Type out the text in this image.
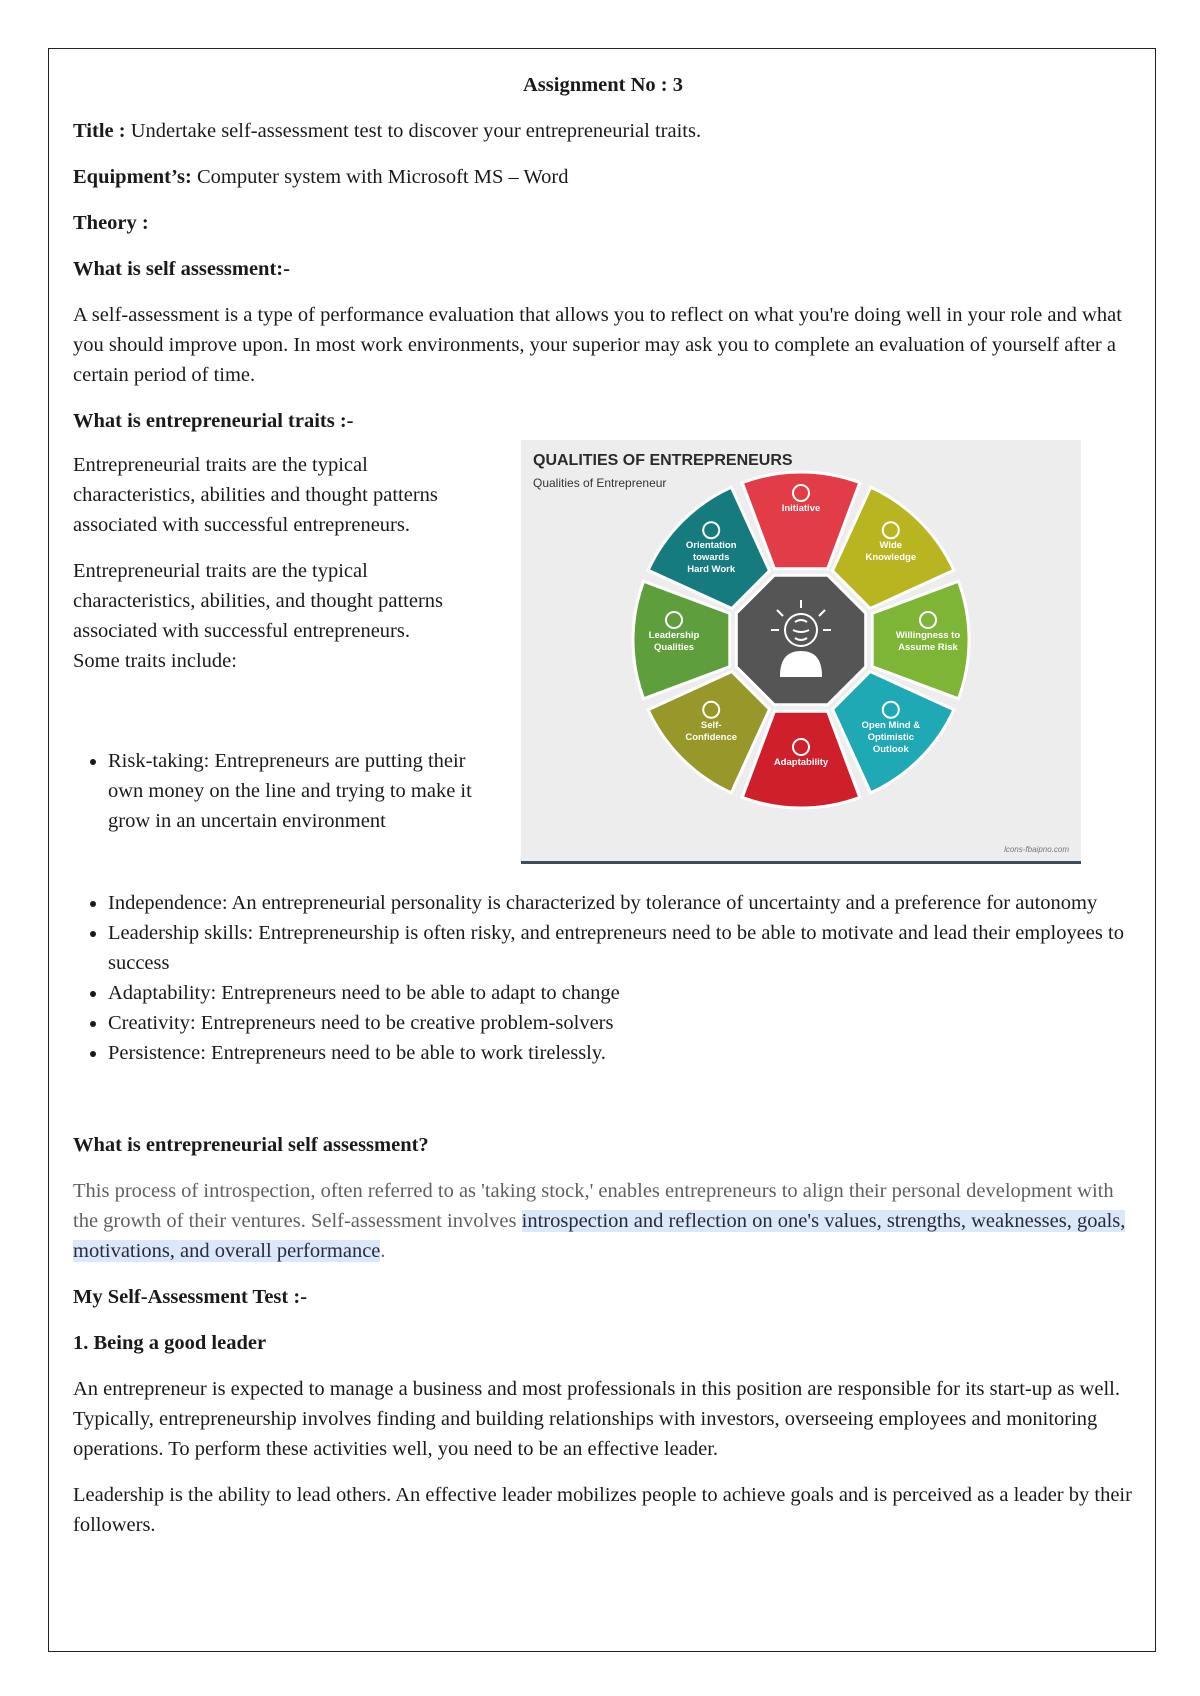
Assignment No : 3

Title : Undertake self-assessment test to discover your entrepreneurial traits.

Equipment’s: Computer system with Microsoft MS – Word

Theory :

What is self assessment:-

A self-assessment is a type of performance evaluation that allows you to reflect on what you're doing well in your role and what you should improve upon. In most work environments, your superior may ask you to complete an evaluation of yourself after a certain period of time.

What is entrepreneurial traits :-

Entrepreneurial traits are the typical characteristics, abilities and thought patterns associated with successful entrepreneurs.

Entrepreneurial traits are the typical characteristics, abilities, and thought patterns associated with successful entrepreneurs. Some traits include:

• Risk-taking: Entrepreneurs are putting their own money on the line and trying to make it grow in an uncertain environment
Initiative
Wide Knowledge
Willingness to Assume Risk
Open Mind & Optimistic Outlook
Adaptability
Self-Confidence
Leadership Qualities
Orientation towards Hard Work

QUALITIES OF ENTREPRENEURS

Qualities of Entrepreneur

lcons-fbaipno.com

• Independence: An entrepreneurial personality is characterized by tolerance of uncertainty and a preference for autonomy
• Leadership skills: Entrepreneurship is often risky, and entrepreneurs need to be able to motivate and lead their employees to success
• Adaptability: Entrepreneurs need to be able to adapt to change
• Creativity: Entrepreneurs need to be creative problem-solvers
• Persistence: Entrepreneurs need to be able to work tirelessly.

What is entrepreneurial self assessment?

This process of introspection, often referred to as 'taking stock,' enables entrepreneurs to align their personal development with the growth of their ventures. Self-assessment involves introspection and reflection on one's values, strengths, weaknesses, goals, motivations, and overall performance.

My Self-Assessment Test :-

1. Being a good leader

An entrepreneur is expected to manage a business and most professionals in this position are responsible for its start-up as well. Typically, entrepreneurship involves finding and building relationships with investors, overseeing employees and monitoring operations. To perform these activities well, you need to be an effective leader.

Leadership is the ability to lead others. An effective leader mobilizes people to achieve goals and is perceived as a leader by their followers.
